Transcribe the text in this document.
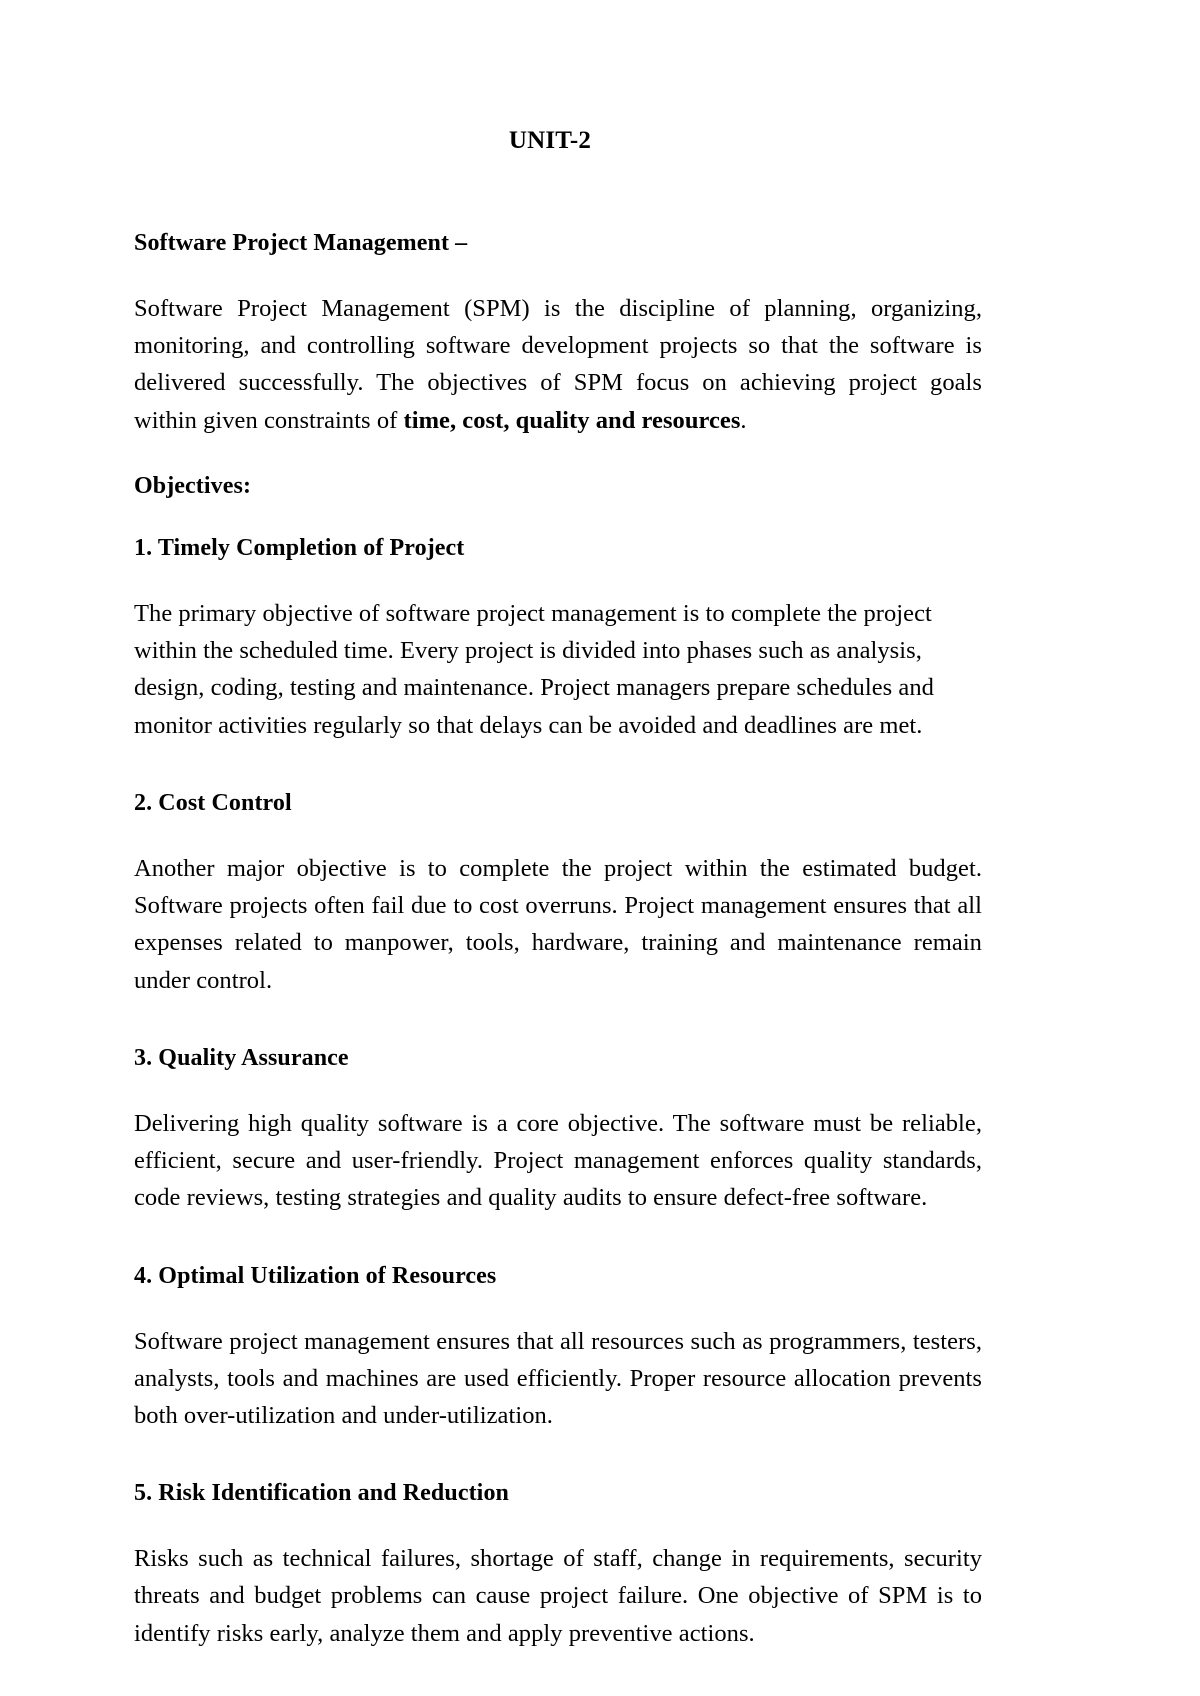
UNIT-2
Software Project Management –

Software Project Management (SPM) is the discipline of planning, organizing, monitoring, and controlling software development projects so that the software is delivered successfully. The objectives of SPM focus on achieving project goals within given constraints of time, cost, quality and resources.

Objectives:
1. Timely Completion of Project

The primary objective of software project management is to complete the project within the scheduled time. Every project is divided into phases such as analysis, design, coding, testing and maintenance. Project managers prepare schedules and monitor activities regularly so that delays can be avoided and deadlines are met.

2. Cost Control

Another major objective is to complete the project within the estimated budget. Software projects often fail due to cost overruns. Project management ensures that all expenses related to manpower, tools, hardware, training and maintenance remain under control.

3. Quality Assurance

Delivering high quality software is a core objective. The software must be reliable, efficient, secure and user-friendly. Project management enforces quality standards, code reviews, testing strategies and quality audits to ensure defect-free software.

4. Optimal Utilization of Resources

Software project management ensures that all resources such as programmers, testers, analysts, tools and machines are used efficiently. Proper resource allocation prevents both over-utilization and under-utilization.

5. Risk Identification and Reduction

Risks such as technical failures, shortage of staff, change in requirements, security threats and budget problems can cause project failure. One objective of SPM is to identify risks early, analyze them and apply preventive actions.
